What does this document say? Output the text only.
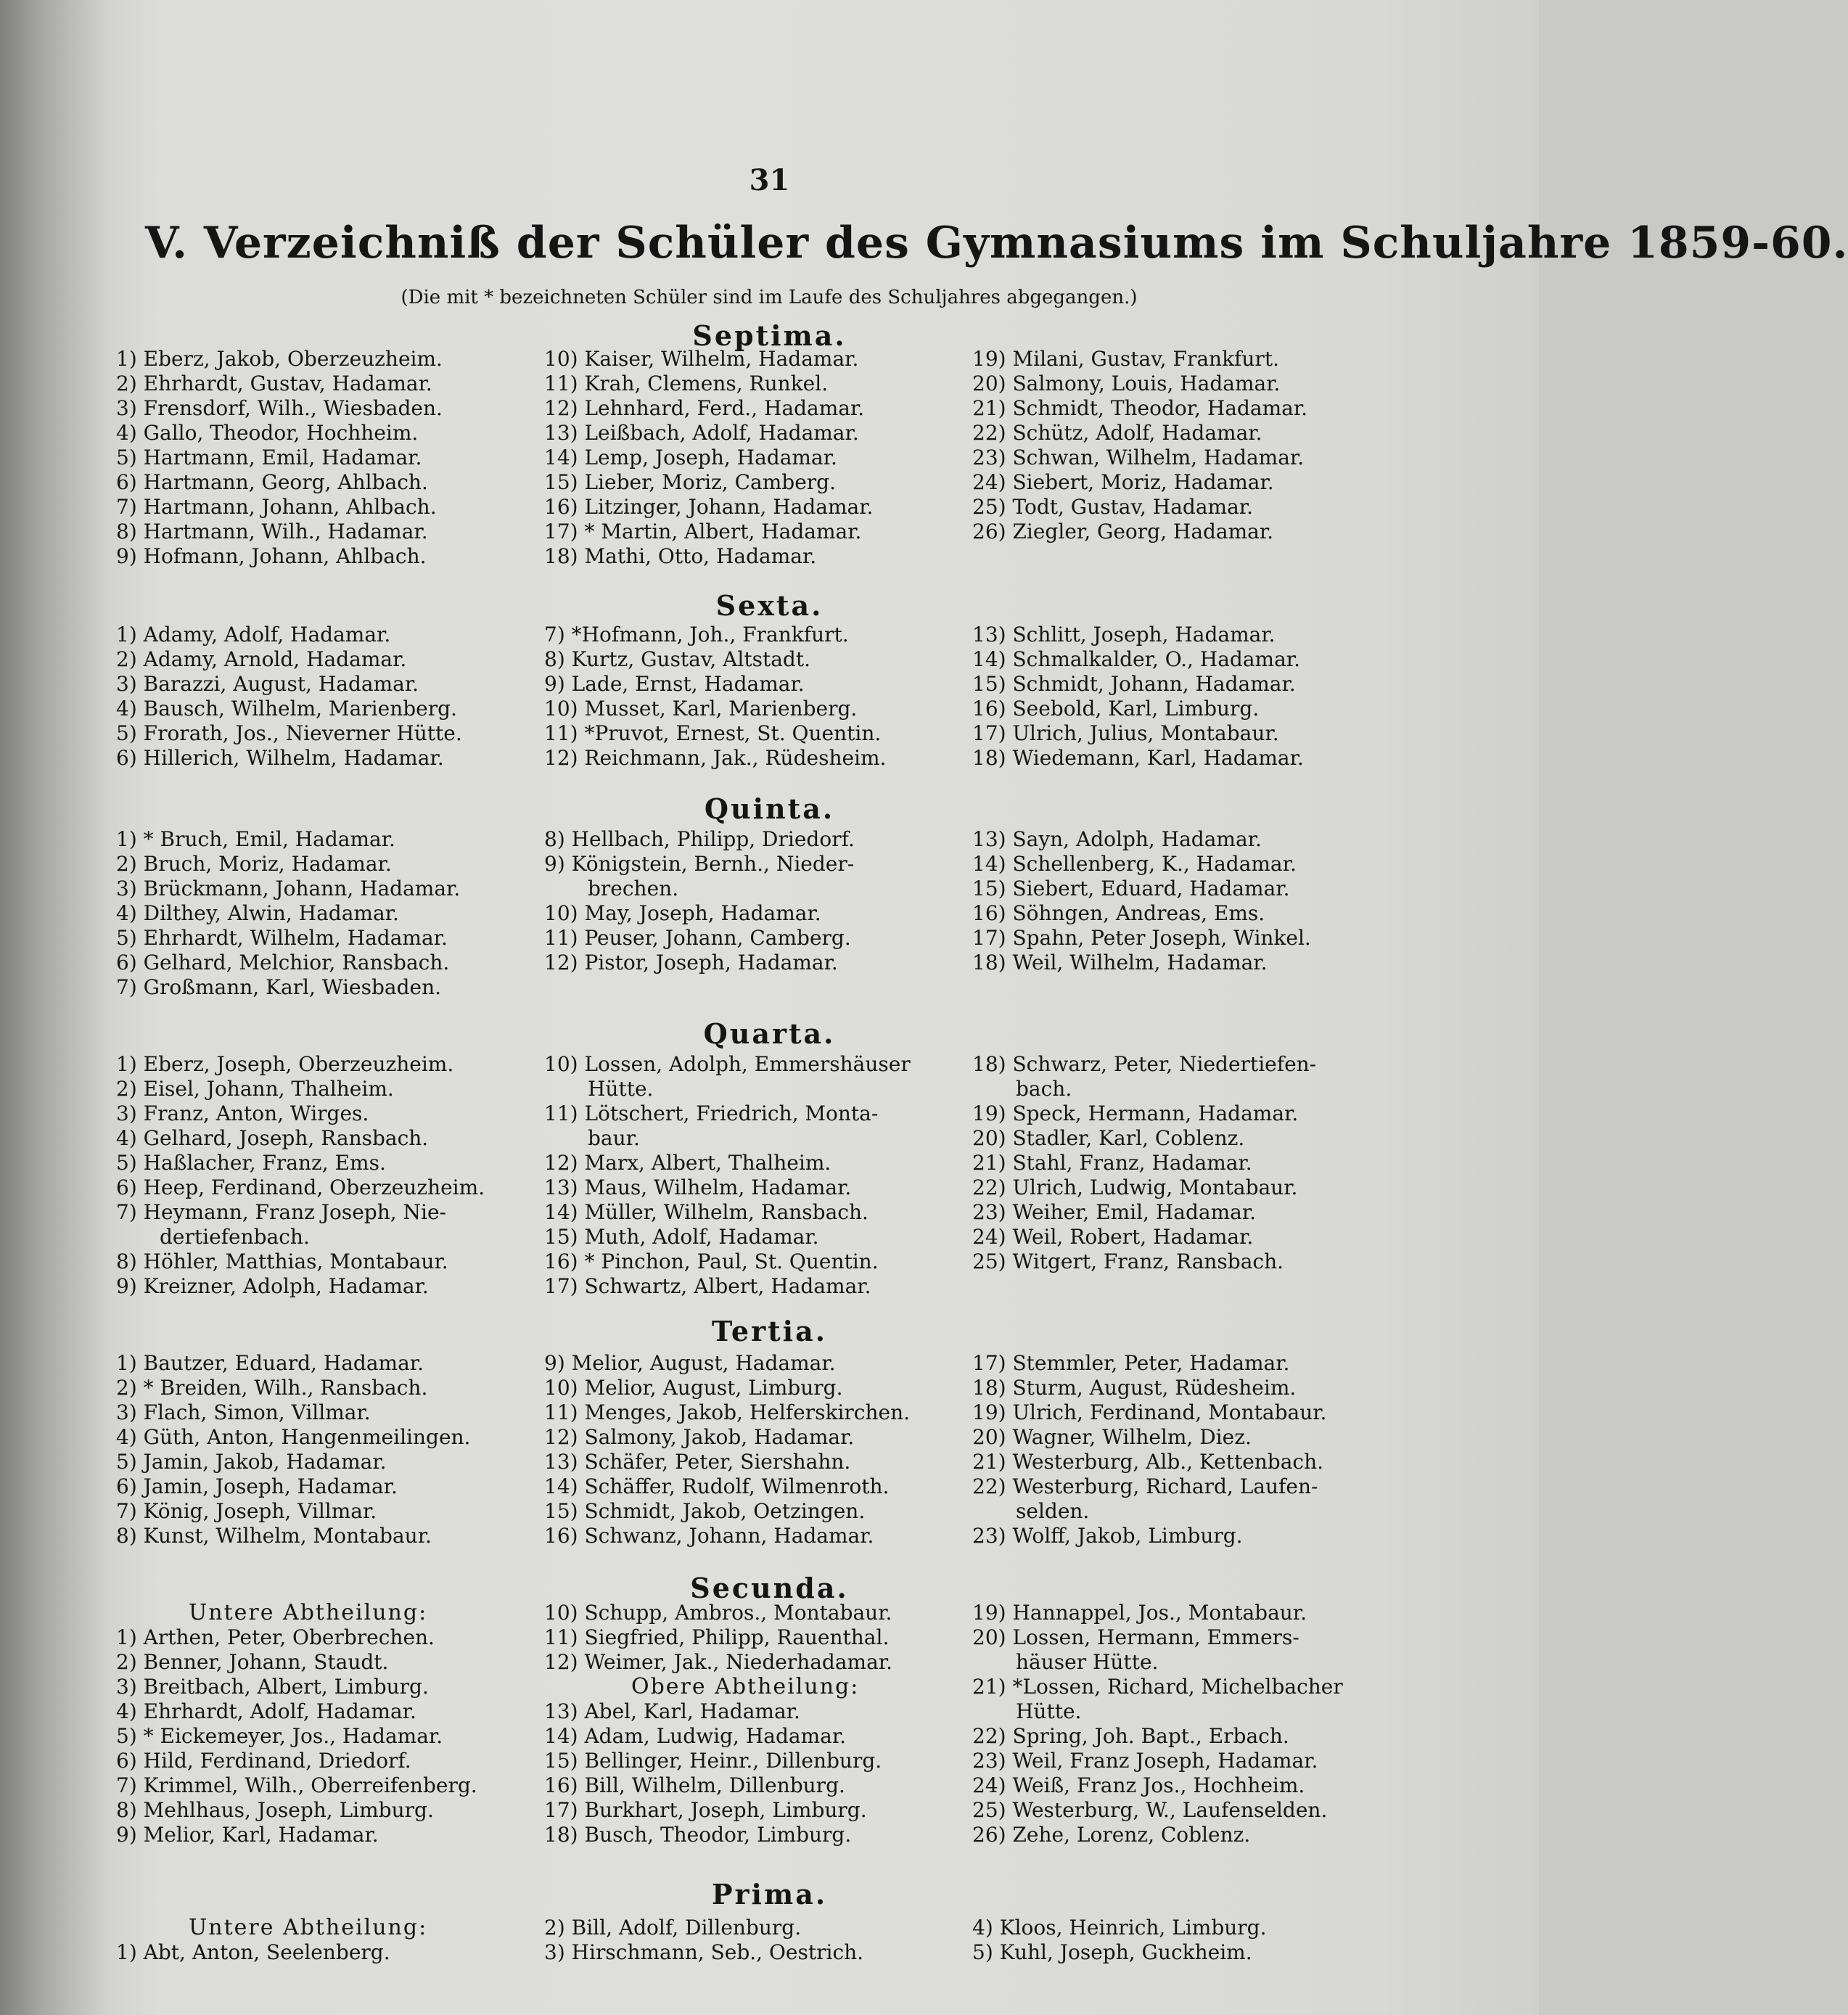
31
V. Verzeichniß der Schüler des Gymnasiums im Schuljahre 1859-60.
(Die mit * bezeichneten Schüler sind im Laufe des Schuljahres abgegangen.)
Septima.
1) Eberz, Jakob, Oberzeuzheim.
2) Ehrhardt, Gustav, Hadamar.
3) Frensdorf, Wilh., Wiesbaden.
4) Gallo, Theodor, Hochheim.
5) Hartmann, Emil, Hadamar.
6) Hartmann, Georg, Ahlbach.
7) Hartmann, Johann, Ahlbach.
8) Hartmann, Wilh., Hadamar.
9) Hofmann, Johann, Ahlbach.
10) Kaiser, Wilhelm, Hadamar.
11) Krah, Clemens, Runkel.
12) Lehnhard, Ferd., Hadamar.
13) Leißbach, Adolf, Hadamar.
14) Lemp, Joseph, Hadamar.
15) Lieber, Moriz, Camberg.
16) Litzinger, Johann, Hadamar.
17) * Martin, Albert, Hadamar.
18) Mathi, Otto, Hadamar.
19) Milani, Gustav, Frankfurt.
20) Salmony, Louis, Hadamar.
21) Schmidt, Theodor, Hadamar.
22) Schütz, Adolf, Hadamar.
23) Schwan, Wilhelm, Hadamar.
24) Siebert, Moriz, Hadamar.
25) Todt, Gustav, Hadamar.
26) Ziegler, Georg, Hadamar.
Sexta.
1) Adamy, Adolf, Hadamar.
2) Adamy, Arnold, Hadamar.
3) Barazzi, August, Hadamar.
4) Bausch, Wilhelm, Marienberg.
5) Frorath, Jos., Nieverner Hütte.
6) Hillerich, Wilhelm, Hadamar.
7) *Hofmann, Joh., Frankfurt.
8) Kurtz, Gustav, Altstadt.
9) Lade, Ernst, Hadamar.
10) Musset, Karl, Marienberg.
11) *Pruvot, Ernest, St. Quentin.
12) Reichmann, Jak., Rüdesheim.
13) Schlitt, Joseph, Hadamar.
14) Schmalkalder, O., Hadamar.
15) Schmidt, Johann, Hadamar.
16) Seebold, Karl, Limburg.
17) Ulrich, Julius, Montabaur.
18) Wiedemann, Karl, Hadamar.
Quinta.
1) * Bruch, Emil, Hadamar.
2) Bruch, Moriz, Hadamar.
3) Brückmann, Johann, Hadamar.
4) Dilthey, Alwin, Hadamar.
5) Ehrhardt, Wilhelm, Hadamar.
6) Gelhard, Melchior, Ransbach.
7) Großmann, Karl, Wiesbaden.
8) Hellbach, Philipp, Driedorf.
9) Königstein, Bernh., Nieder-
brechen.
10) May, Joseph, Hadamar.
11) Peuser, Johann, Camberg.
12) Pistor, Joseph, Hadamar.
13) Sayn, Adolph, Hadamar.
14) Schellenberg, K., Hadamar.
15) Siebert, Eduard, Hadamar.
16) Söhngen, Andreas, Ems.
17) Spahn, Peter Joseph, Winkel.
18) Weil, Wilhelm, Hadamar.
Quarta.
1) Eberz, Joseph, Oberzeuzheim.
2) Eisel, Johann, Thalheim.
3) Franz, Anton, Wirges.
4) Gelhard, Joseph, Ransbach.
5) Haßlacher, Franz, Ems.
6) Heep, Ferdinand, Oberzeuzheim.
7) Heymann, Franz Joseph, Nie-
dertiefenbach.
8) Höhler, Matthias, Montabaur.
9) Kreizner, Adolph, Hadamar.
10) Lossen, Adolph, Emmershäuser
Hütte.
11) Lötschert, Friedrich, Monta-
baur.
12) Marx, Albert, Thalheim.
13) Maus, Wilhelm, Hadamar.
14) Müller, Wilhelm, Ransbach.
15) Muth, Adolf, Hadamar.
16) * Pinchon, Paul, St. Quentin.
17) Schwartz, Albert, Hadamar.
18) Schwarz, Peter, Niedertiefen-
bach.
19) Speck, Hermann, Hadamar.
20) Stadler, Karl, Coblenz.
21) Stahl, Franz, Hadamar.
22) Ulrich, Ludwig, Montabaur.
23) Weiher, Emil, Hadamar.
24) Weil, Robert, Hadamar.
25) Witgert, Franz, Ransbach.
Tertia.
1) Bautzer, Eduard, Hadamar.
2) * Breiden, Wilh., Ransbach.
3) Flach, Simon, Villmar.
4) Güth, Anton, Hangenmeilingen.
5) Jamin, Jakob, Hadamar.
6) Jamin, Joseph, Hadamar.
7) König, Joseph, Villmar.
8) Kunst, Wilhelm, Montabaur.
9) Melior, August, Hadamar.
10) Melior, August, Limburg.
11) Menges, Jakob, Helferskirchen.
12) Salmony, Jakob, Hadamar.
13) Schäfer, Peter, Siershahn.
14) Schäffer, Rudolf, Wilmenroth.
15) Schmidt, Jakob, Oetzingen.
16) Schwanz, Johann, Hadamar.
17) Stemmler, Peter, Hadamar.
18) Sturm, August, Rüdesheim.
19) Ulrich, Ferdinand, Montabaur.
20) Wagner, Wilhelm, Diez.
21) Westerburg, Alb., Kettenbach.
22) Westerburg, Richard, Laufen-
selden.
23) Wolff, Jakob, Limburg.
Secunda.
Untere Abtheilung:
1) Arthen, Peter, Oberbrechen.
2) Benner, Johann, Staudt.
3) Breitbach, Albert, Limburg.
4) Ehrhardt, Adolf, Hadamar.
5) * Eickemeyer, Jos., Hadamar.
6) Hild, Ferdinand, Driedorf.
7) Krimmel, Wilh., Oberreifenberg.
8) Mehlhaus, Joseph, Limburg.
9) Melior, Karl, Hadamar.
10) Schupp, Ambros., Montabaur.
11) Siegfried, Philipp, Rauenthal.
12) Weimer, Jak., Niederhadamar.
Obere Abtheilung:
13) Abel, Karl, Hadamar.
14) Adam, Ludwig, Hadamar.
15) Bellinger, Heinr., Dillenburg.
16) Bill, Wilhelm, Dillenburg.
17) Burkhart, Joseph, Limburg.
18) Busch, Theodor, Limburg.
19) Hannappel, Jos., Montabaur.
20) Lossen, Hermann, Emmers-
häuser Hütte.
21) *Lossen, Richard, Michelbacher
Hütte.
22) Spring, Joh. Bapt., Erbach.
23) Weil, Franz Joseph, Hadamar.
24) Weiß, Franz Jos., Hochheim.
25) Westerburg, W., Laufenselden.
26) Zehe, Lorenz, Coblenz.
Prima.
Untere Abtheilung:
1) Abt, Anton, Seelenberg.
2) Bill, Adolf, Dillenburg.
3) Hirschmann, Seb., Oestrich.
4) Kloos, Heinrich, Limburg.
5) Kuhl, Joseph, Guckheim.
